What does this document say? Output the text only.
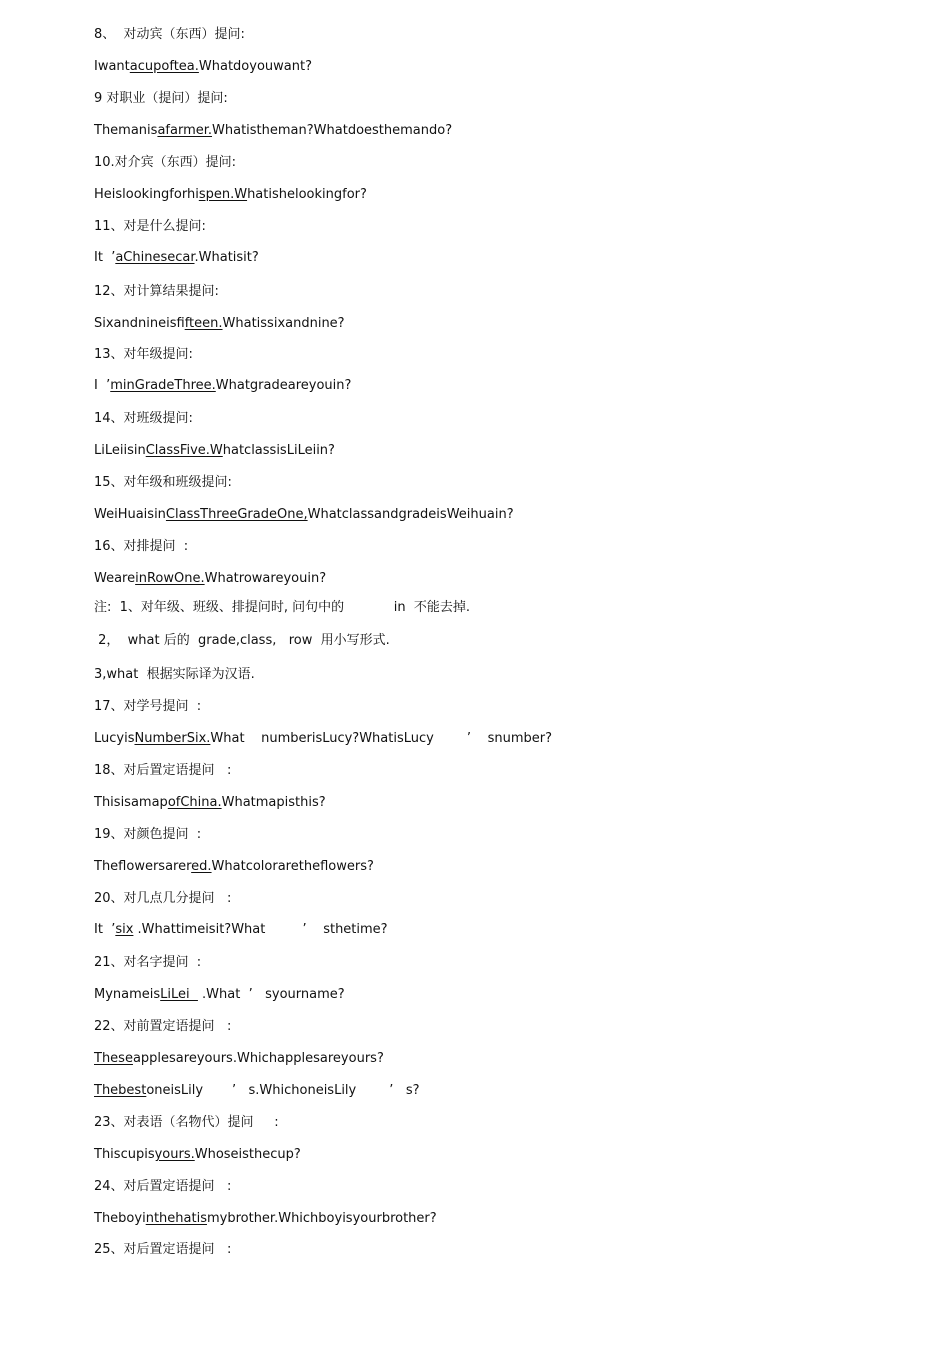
8、  对动宾（东西）提问:
Iwantacupoftea.Whatdoyouwant?
9 对职业（提问）提问:
Themanisafarmer.Whatistheman?Whatdoesthemando?
10.对介宾（东西）提问:
Heislookingforhispen.Whatishelookingfor?
11、对是什么提问:
It  ’aChinesecar.Whatisit?
12、对计算结果提问:
Sixandnineisfifteen.Whatissixandnine?
13、对年级提问:
I  ’minGradeThree.Whatgradeareyouin?
14、对班级提问:
LiLeiisinClassFive.WhatclassisLiLeiin?
15、对年级和班级提问:
WeiHuaisinClassThreeGradeOne,WhatclassandgradeisWeihuain?
16、对排提问  :
WeareinRowOne.Whatrowareyouin?
注:  1、对年级、班级、排提问时, 问句中的            in  不能去掉.
2，  what 后的  grade,class,   row  用小写形式.
3,what  根据实际译为汉语.
17、对学号提问  :
LucyisNumberSix.What    numberisLucy?WhatisLucy        ’    snumber?
18、对后置定语提问   :
ThisisamapofChina.Whatmapisthis?
19、对颜色提问  :
Theflowersarered.Whatcoloraretheflowers?
20、对几点几分提问   :
It  ’six .Whattimeisit?What         ’    sthetime?
21、对名字提问  :
MynameisLiLei   .What  ’   syourname?
22、对前置定语提问   :
Theseapplesareyours.Whichapplesareyours?
ThebestoneisLily       ’   s.WhichoneisLily        ’   s?
23、对表语（名物代）提问     :
Thiscupisyours.Whoseisthecup?
24、对后置定语提问   :
Theboyinthehatismybrother.Whichboyisyourbrother?
25、对后置定语提问   :
